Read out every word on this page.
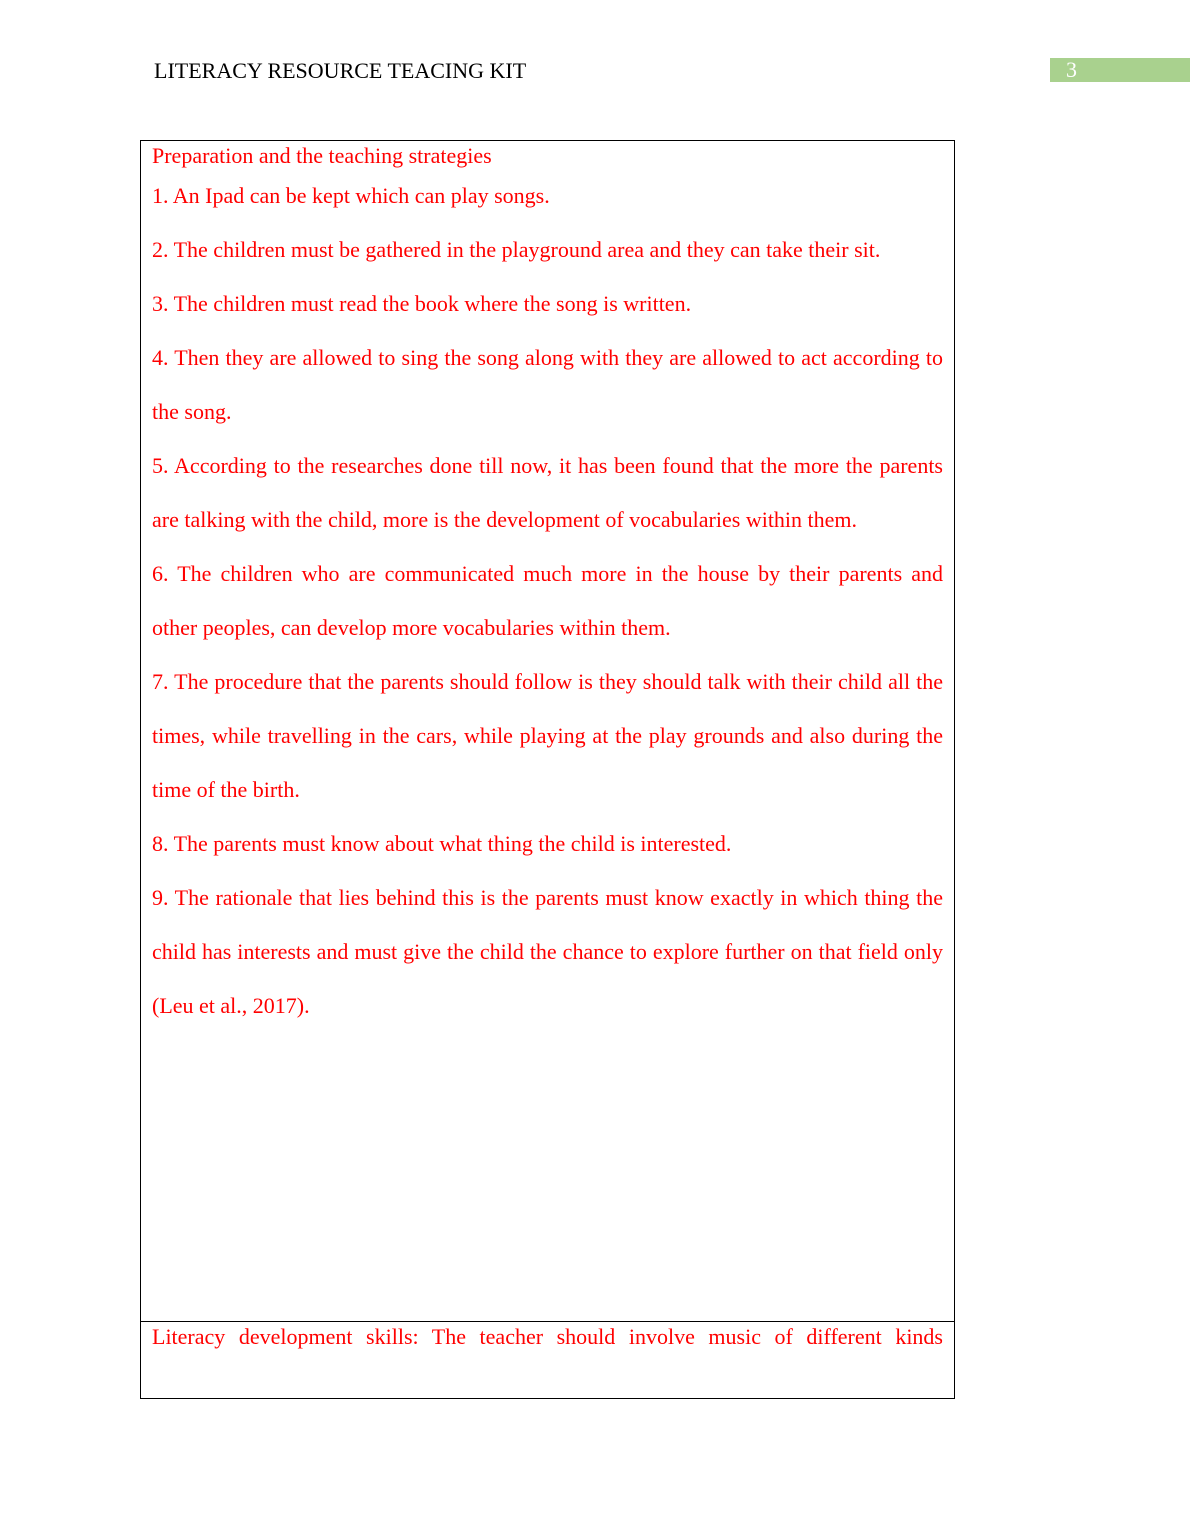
LITERACY RESOURCE TEACING KIT	3

Preparation and the teaching strategies

1. An Ipad can be kept which can play songs.

2. The children must be gathered in the playground area and they can take their sit.

3. The children must read the book where the song is written.

4. Then they are allowed to sing the song along with they are allowed to act according to the song.

5. According to the researches done till now, it has been found that the more the parents are talking with the child, more is the development of vocabularies within them.

6. The children who are communicated much more in the house by their parents and other peoples, can develop more vocabularies within them.

7. The procedure that the parents should follow is they should talk with their child all the times, while travelling in the cars, while playing at the play grounds and also during the time of the birth.

8. The parents must know about what thing the child is interested.

9. The rationale that lies behind this is the parents must know exactly in which thing the child has interests and must give the child the chance to explore further on that field only (Leu et al., 2017).

Literacy development skills: The teacher should involve music of different kinds
